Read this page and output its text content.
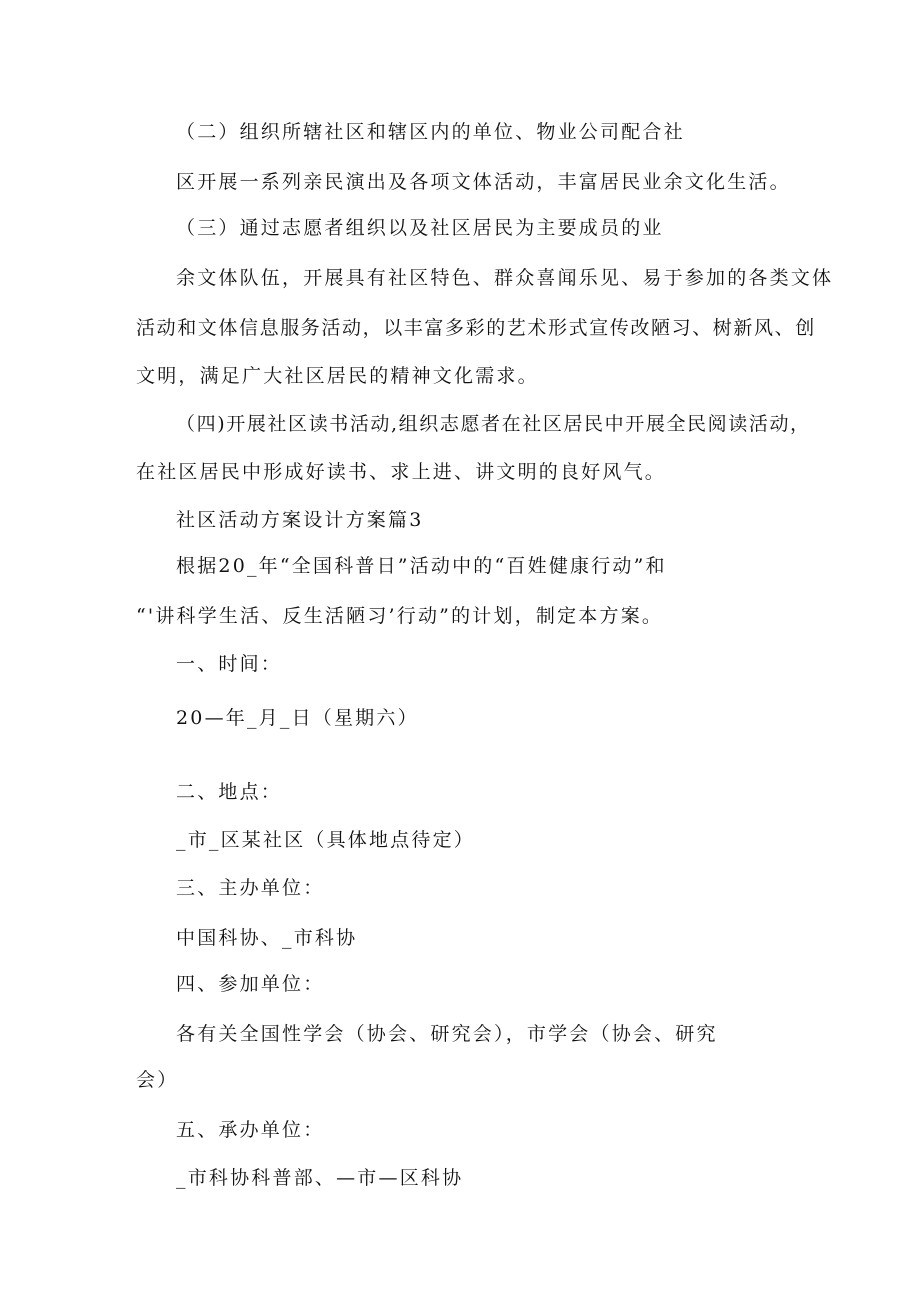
（二）组织所辖社区和辖区内的单位、物业公司配合社
区开展一系列亲民演出及各项文体活动，丰富居民业余文化生活。
（三）通过志愿者组织以及社区居民为主要成员的业
余文体队伍，开展具有社区特色、群众喜闻乐见、易于参加的各类文体
活动和文体信息服务活动，以丰富多彩的艺术形式宣传改陋习、树新风、创
文明，满足广大社区居民的精神文化需求。
（四)开展社区读书活动,组织志愿者在社区居民中开展全民阅读活动，
在社区居民中形成好读书、求上进、讲文明的良好风气。
社区活动方案设计方案篇3
根据20_年“全国科普日”活动中的“百姓健康行动”和
“'讲科学生活、反生活陋习’行动”的计划，制定本方案。
一、时间：
20—年_月_日（星期六）
二、地点：
_市_区某社区（具体地点待定）
三、主办单位：
中国科协、_市科协
四、参加单位：
各有关全国性学会（协会、研究会），市学会（协会、研究
会）
五、承办单位：
_市科协科普部、—市—区科协
